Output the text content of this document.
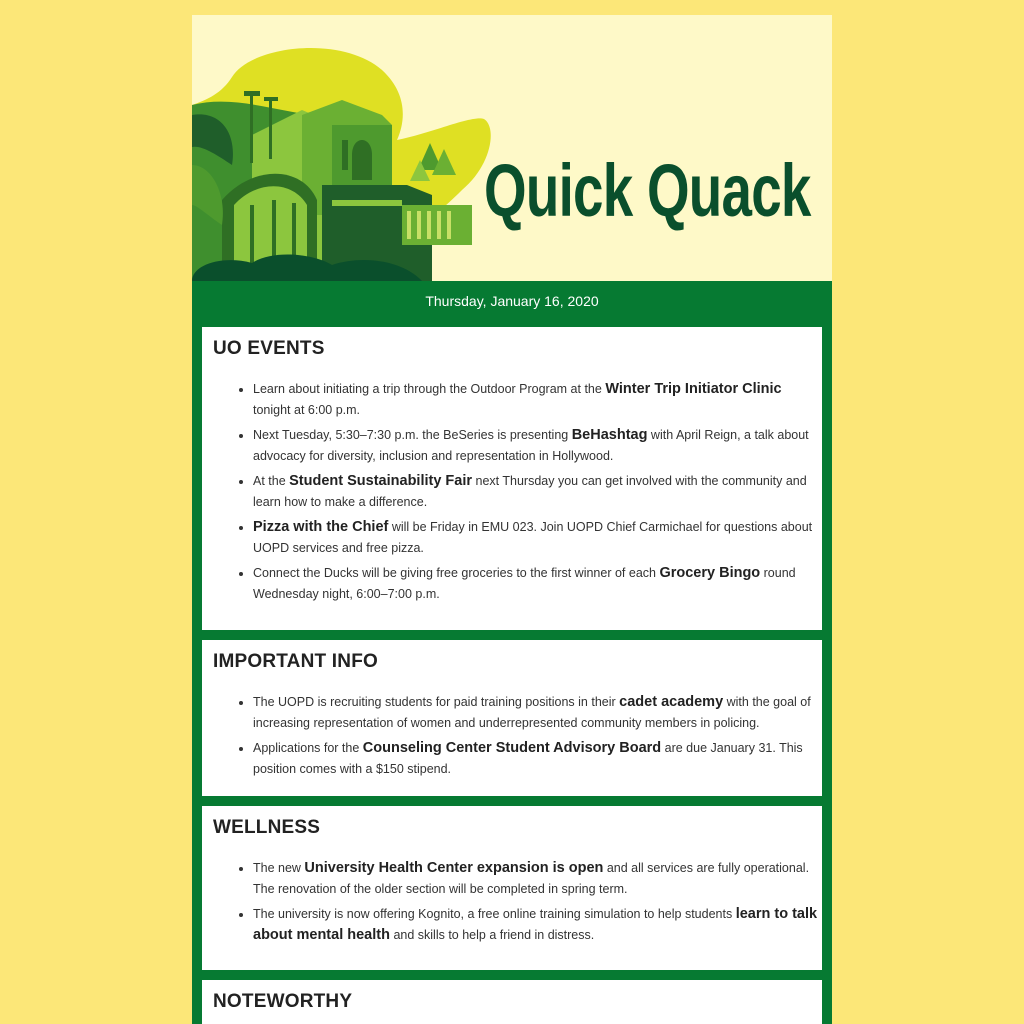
Quick Quack
Thursday, January 16, 2020
UO EVENTS
• Learn about initiating a trip through the Outdoor Program at the Winter Trip Initiator Clinic tonight at 6:00 p.m.
• Next Tuesday, 5:30–7:30 p.m. the BeSeries is presenting BeHashtag with April Reign, a talk about advocacy for diversity, inclusion and representation in Hollywood.
• At the Student Sustainability Fair next Thursday you can get involved with the community and learn how to make a difference.
• Pizza with the Chief will be Friday in EMU 023. Join UOPD Chief Carmichael for questions about UOPD services and free pizza.
• Connect the Ducks will be giving free groceries to the first winner of each Grocery Bingo round Wednesday night, 6:00–7:00 p.m.
IMPORTANT INFO
• The UOPD is recruiting students for paid training positions in their cadet academy with the goal of increasing representation of women and underrepresented community members in policing.
• Applications for the Counseling Center Student Advisory Board are due January 31. This position comes with a $150 stipend.
WELLNESS
• The new University Health Center expansion is open and all services are fully operational. The renovation of the older section will be completed in spring term.
• The university is now offering Kognito, a free online training simulation to help students learn to talk about mental health and skills to help a friend in distress.
NOTEWORTHY
